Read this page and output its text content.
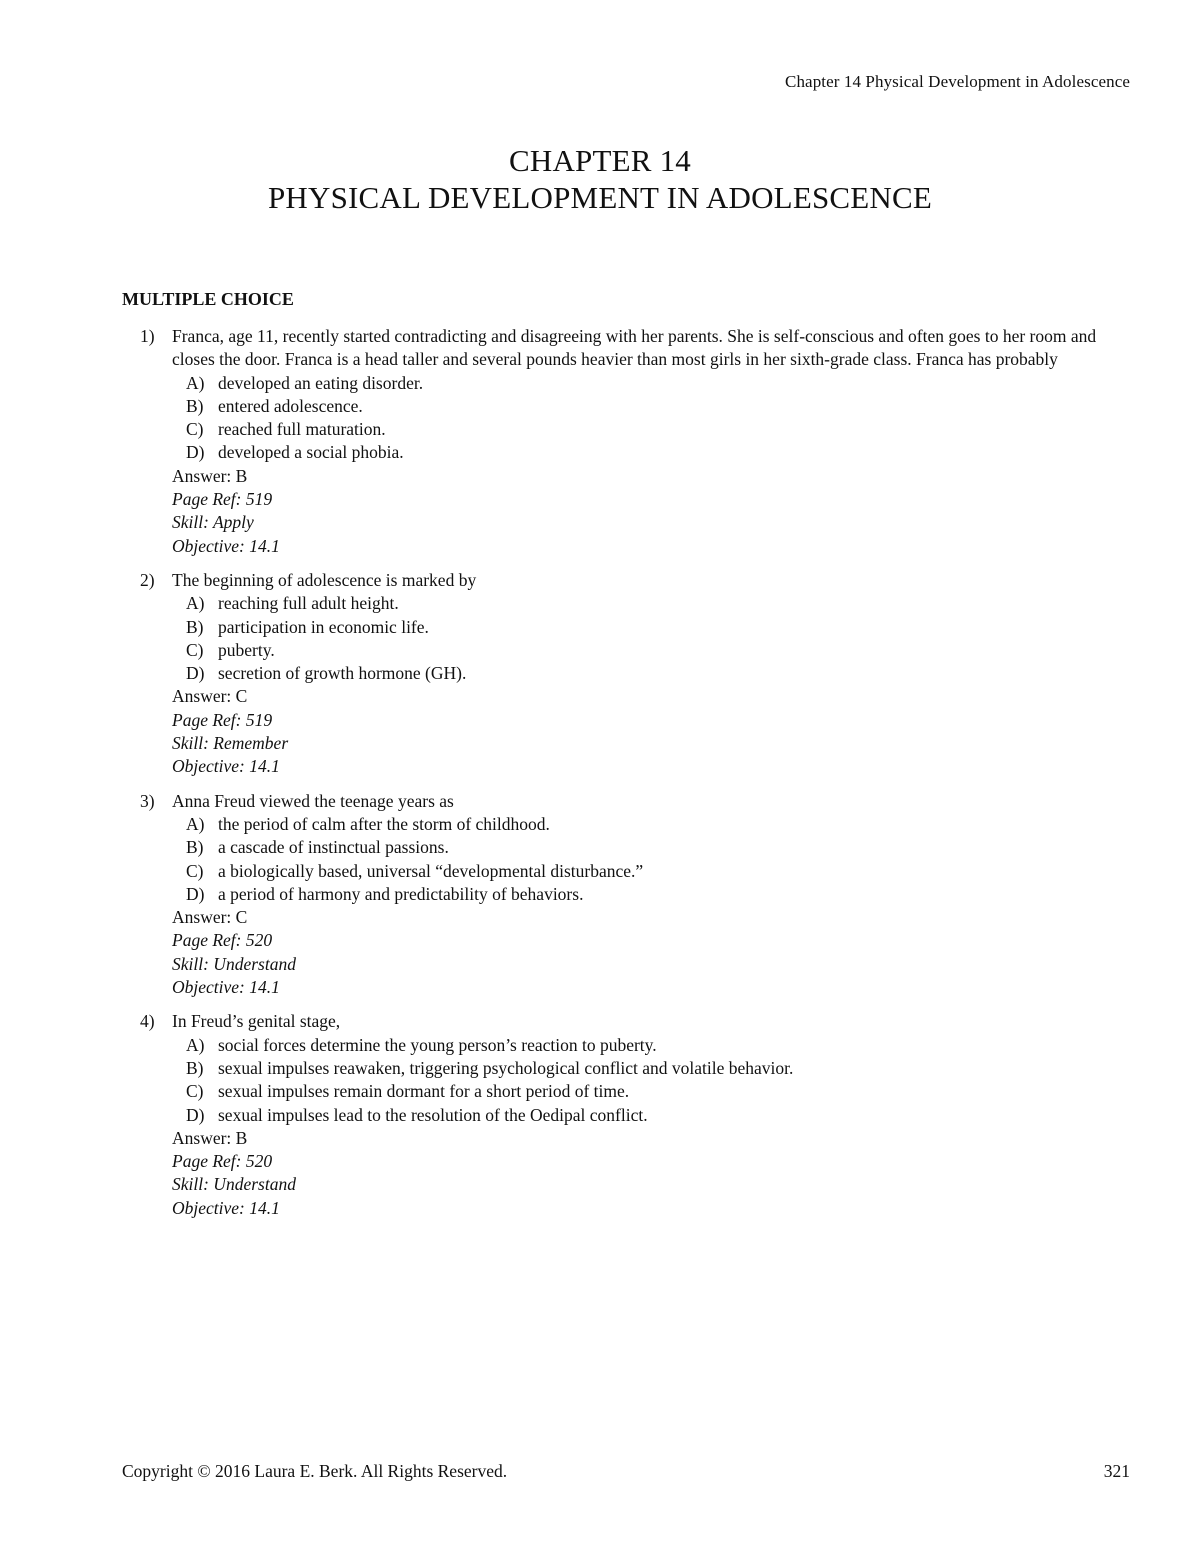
Chapter 14 Physical Development in Adolescence
CHAPTER 14
PHYSICAL DEVELOPMENT IN ADOLESCENCE
MULTIPLE CHOICE
1) Franca, age 11, recently started contradicting and disagreeing with her parents. She is self-conscious and often goes to her room and closes the door. Franca is a head taller and several pounds heavier than most girls in her sixth-grade class. Franca has probably
A) developed an eating disorder.
B) entered adolescence.
C) reached full maturation.
D) developed a social phobia.
Answer: B
Page Ref: 519
Skill: Apply
Objective: 14.1
2) The beginning of adolescence is marked by
A) reaching full adult height.
B) participation in economic life.
C) puberty.
D) secretion of growth hormone (GH).
Answer: C
Page Ref: 519
Skill: Remember
Objective: 14.1
3) Anna Freud viewed the teenage years as
A) the period of calm after the storm of childhood.
B) a cascade of instinctual passions.
C) a biologically based, universal “developmental disturbance.”
D) a period of harmony and predictability of behaviors.
Answer: C
Page Ref: 520
Skill: Understand
Objective: 14.1
4) In Freud’s genital stage,
A) social forces determine the young person’s reaction to puberty.
B) sexual impulses reawaken, triggering psychological conflict and volatile behavior.
C) sexual impulses remain dormant for a short period of time.
D) sexual impulses lead to the resolution of the Oedipal conflict.
Answer: B
Page Ref: 520
Skill: Understand
Objective: 14.1
Copyright © 2016 Laura E. Berk. All Rights Reserved.	321
